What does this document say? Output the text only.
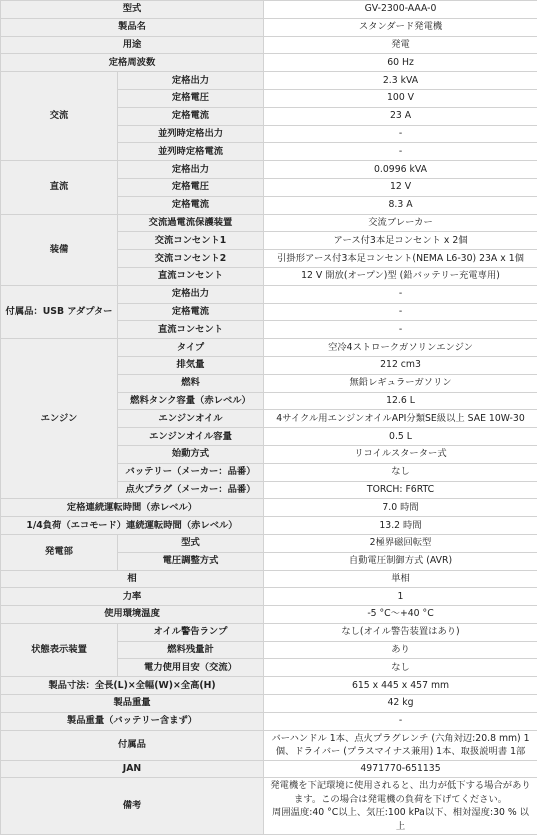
型式		GV-2300-AAA-0
製品名		スタンダード発電機
用途		発電
定格周波数		60 Hz
交流	定格出力	2.3 kVA
	定格電圧	100 V
	定格電流	23 A
	並列時定格出力	-
	並列時定格電流	-
直流	定格出力	0.0996 kVA
	定格電圧	12 V
	定格電流	8.3 A
装備	交流過電流保護装置	交流ブレーカー
	交流コンセント1	アース付3本足コンセント x 2個
	交流コンセント2	引掛形アース付3本足コンセント(NEMA L6-30) 23A x 1個
	直流コンセント	12 V 開放(オープン)型 (鉛バッテリー充電専用)
付属品：USB アダプター	定格出力	-
	定格電流	-
	直流コンセント	-
エンジン	タイプ	空冷4ストロークガソリンエンジン
	排気量	212 cm3
	燃料	無鉛レギュラーガソリン
	燃料タンク容量（赤レベル）	12.6 L
	エンジンオイル	4サイクル用エンジンオイルAPI分類SE級以上 SAE 10W-30
	エンジンオイル容量	0.5 L
	始動方式	リコイルスターター式
	バッテリー（メーカー：品番）	なし
	点火プラグ（メーカー：品番）	TORCH: F6RTC
定格連続運転時間（赤レベル）		7.0 時間
1/4負荷（エコモード）連続運転時間（赤レベル）		13.2 時間
発電部	型式	2極界磁回転型
	電圧調整方式	自動電圧制御方式 (AVR)
相		単相
力率		1
使用環境温度		-5 °C～+40 °C
状態表示装置	オイル警告ランプ	なし(オイル警告装置はあり)
	燃料残量計	あり
	電力使用目安（交流）	なし
製品寸法：全長(L)×全幅(W)×全高(H)		615 x 445 x 457 mm
製品重量		42 kg
製品重量（バッテリー含まず）		-
付属品		バーハンドル 1本、点火プラグレンチ (六角対辺:20.8 mm) 1個、ドライバー (プラスマイナス兼用) 1本、取扱説明書 1部
JAN		4971770-651135
備考		発電機を下記環境に使用されると、出力が低下する場合があります。この場合は発電機の負荷を下げてください。
周囲温度:40 °C以上、気圧:100 kPa以下、相対湿度:30 % 以上
